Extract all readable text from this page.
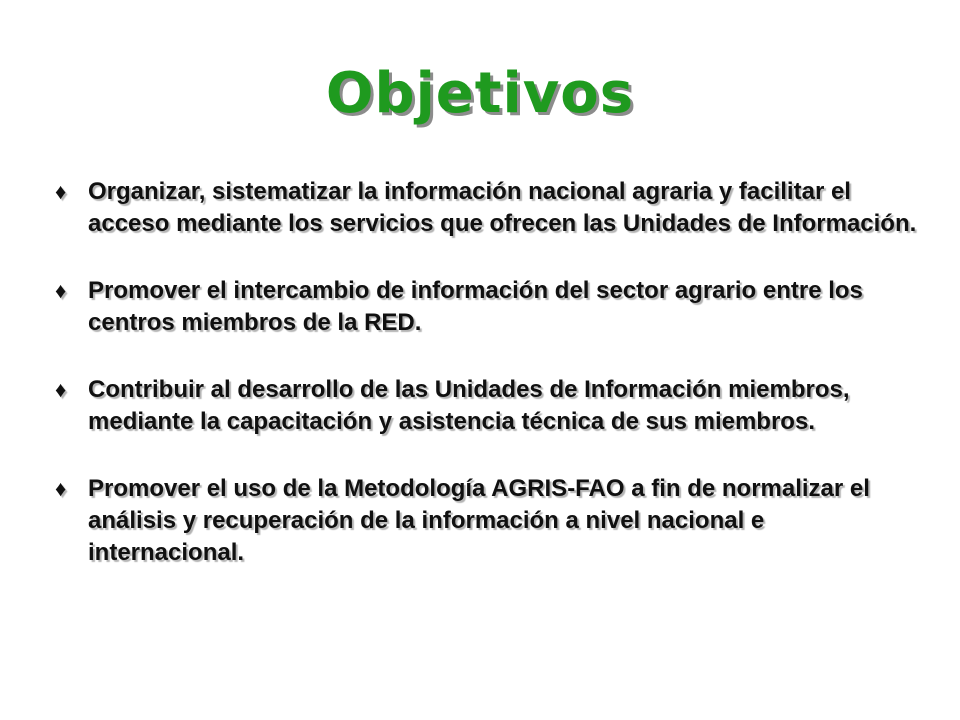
Objetivos
♦ Organizar, sistematizar la información nacional agraria y facilitar el acceso mediante los servicios que ofrecen las Unidades de Información.
♦ Promover el intercambio de información del sector agrario entre los centros miembros de la RED.
♦ Contribuir al desarrollo de las Unidades de Información miembros, mediante la capacitación y asistencia técnica de sus miembros.
♦ Promover el uso de la Metodología AGRIS-FAO a fin de normalizar el análisis y recuperación de la información a nivel nacional e internacional.
